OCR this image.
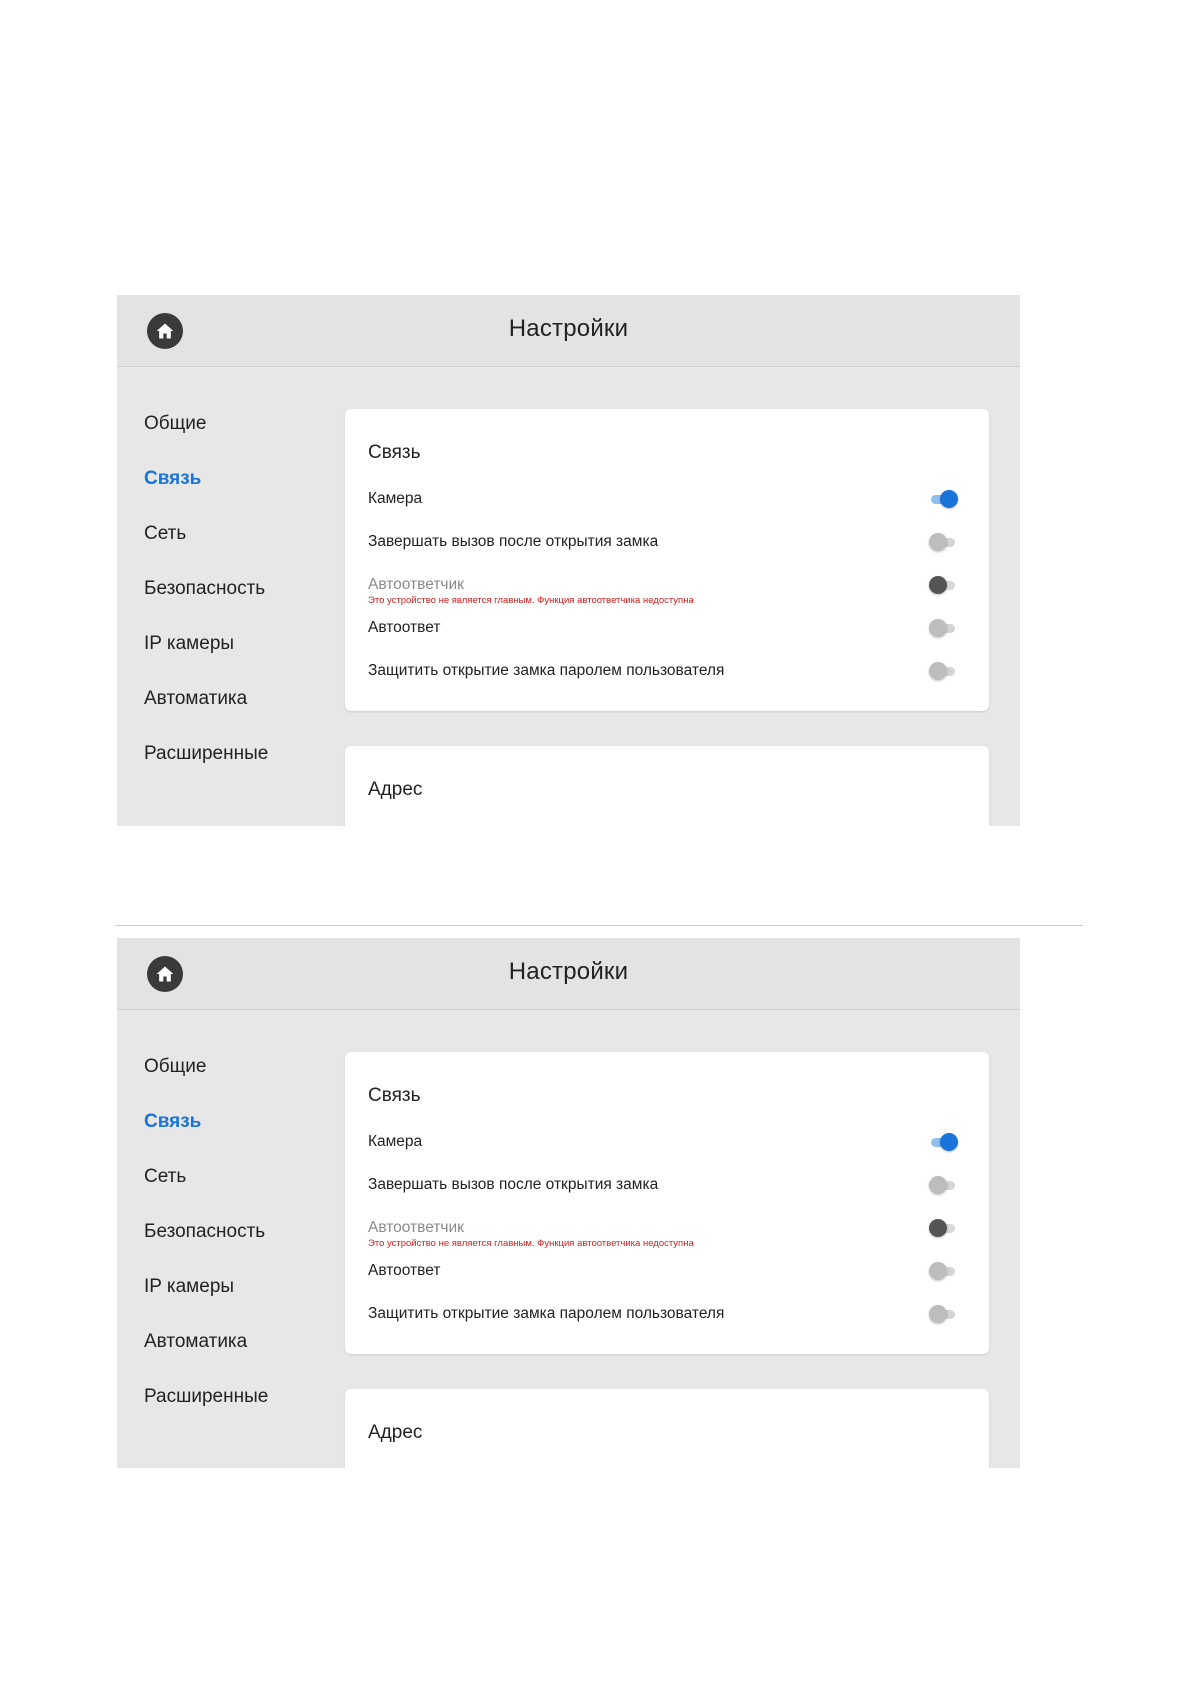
Настройки
Общие
Связь
Сеть
Безопасность
IP камеры
Автоматика
Расширенные
Связь
Камера
Завершать вызов после открытия замка
Автоответчик
Это устройство не является главным. Функция автоответчика недоступна
Автоответ
Защитить открытие замка паролем пользователя
Адрес
Настройки
Общие
Связь
Сеть
Безопасность
IP камеры
Автоматика
Расширенные
Связь
Камера
Завершать вызов после открытия замка
Автоответчик
Это устройство не является главным. Функция автоответчика недоступна
Автоответ
Защитить открытие замка паролем пользователя
Адрес
